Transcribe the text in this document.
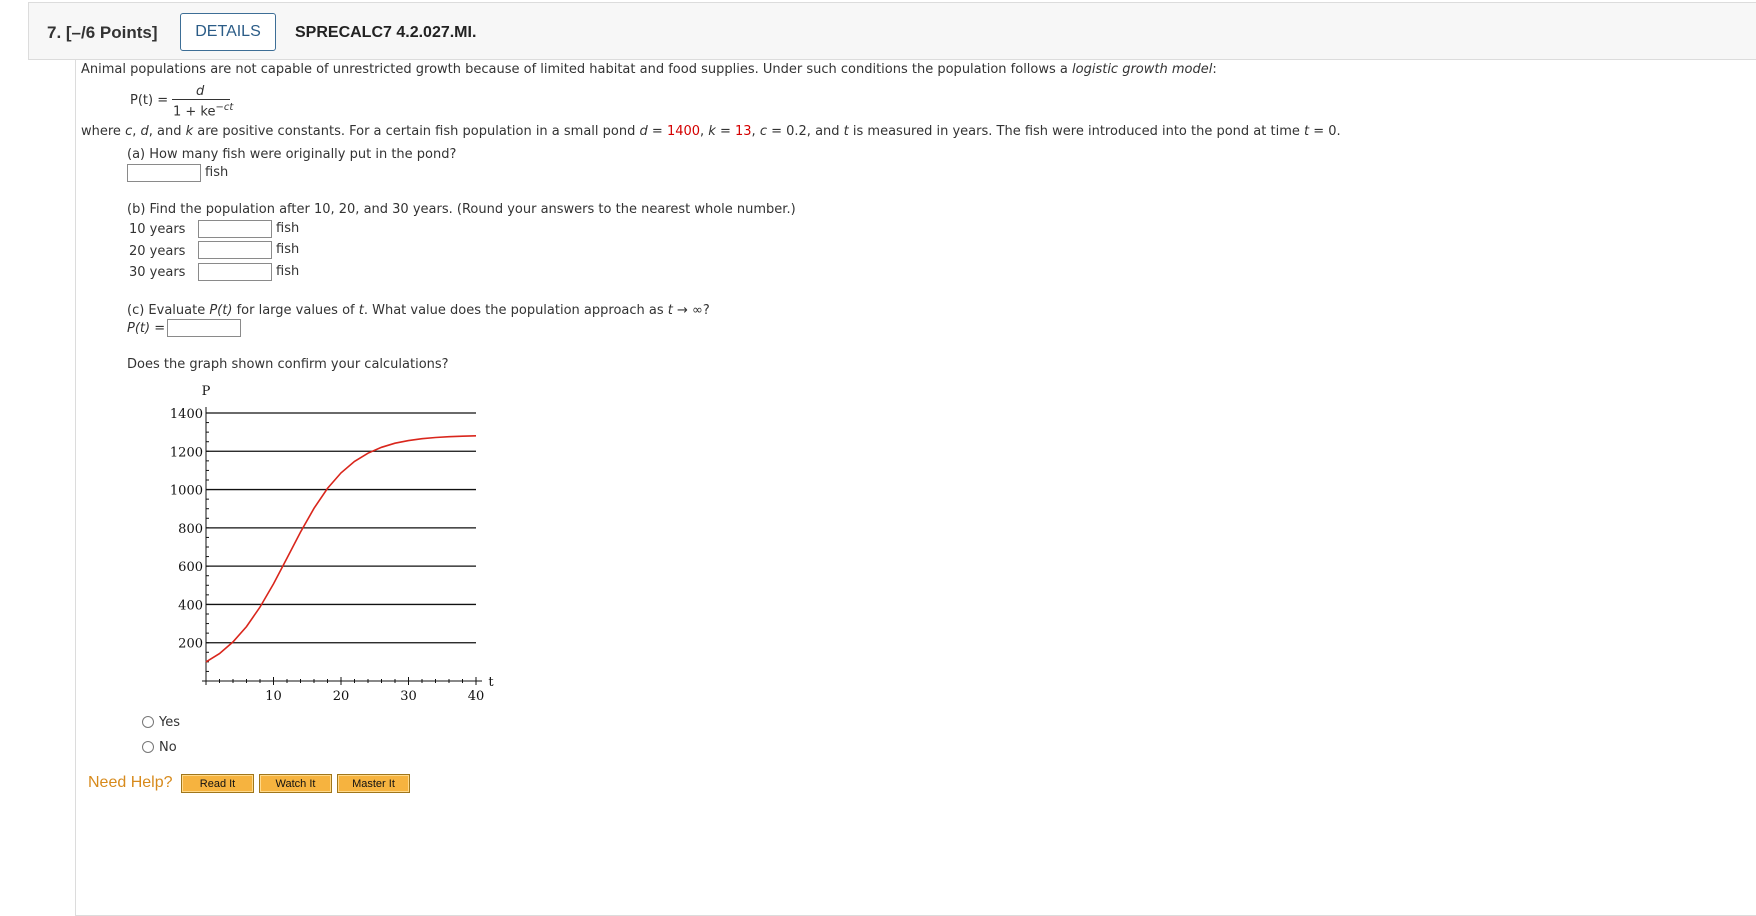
7. [–/6 Points]	DETAILS	SPRECALC7 4.2.027.MI.
Animal populations are not capable of unrestricted growth because of limited habitat and food supplies. Under such conditions the population follows a logistic growth model:
P(t) =
d
$1 + ke^{-ct}$
where c, d, and k are positive constants. For a certain fish population in a small pond d = 1400, k = 13, c = 0.2, and t is measured in years. The fish were introduced into the pond at time t = 0.
(a) How many fish were originally put in the pond?
fish
(b) Find the population after 10, 20, and 30 years. (Round your answers to the nearest whole number.)
10 years	fish
20 years	fish
30 years	fish
(c) Evaluate P(t) for large values of t. What value does the population approach as t → ∞?
P(t) =
Does the graph shown confirm your calculations?
200
400
600
800
1000
1200
1400
10	20	30	40
P
t
Yes
No
Need Help?	Read It	Watch It	Master It
